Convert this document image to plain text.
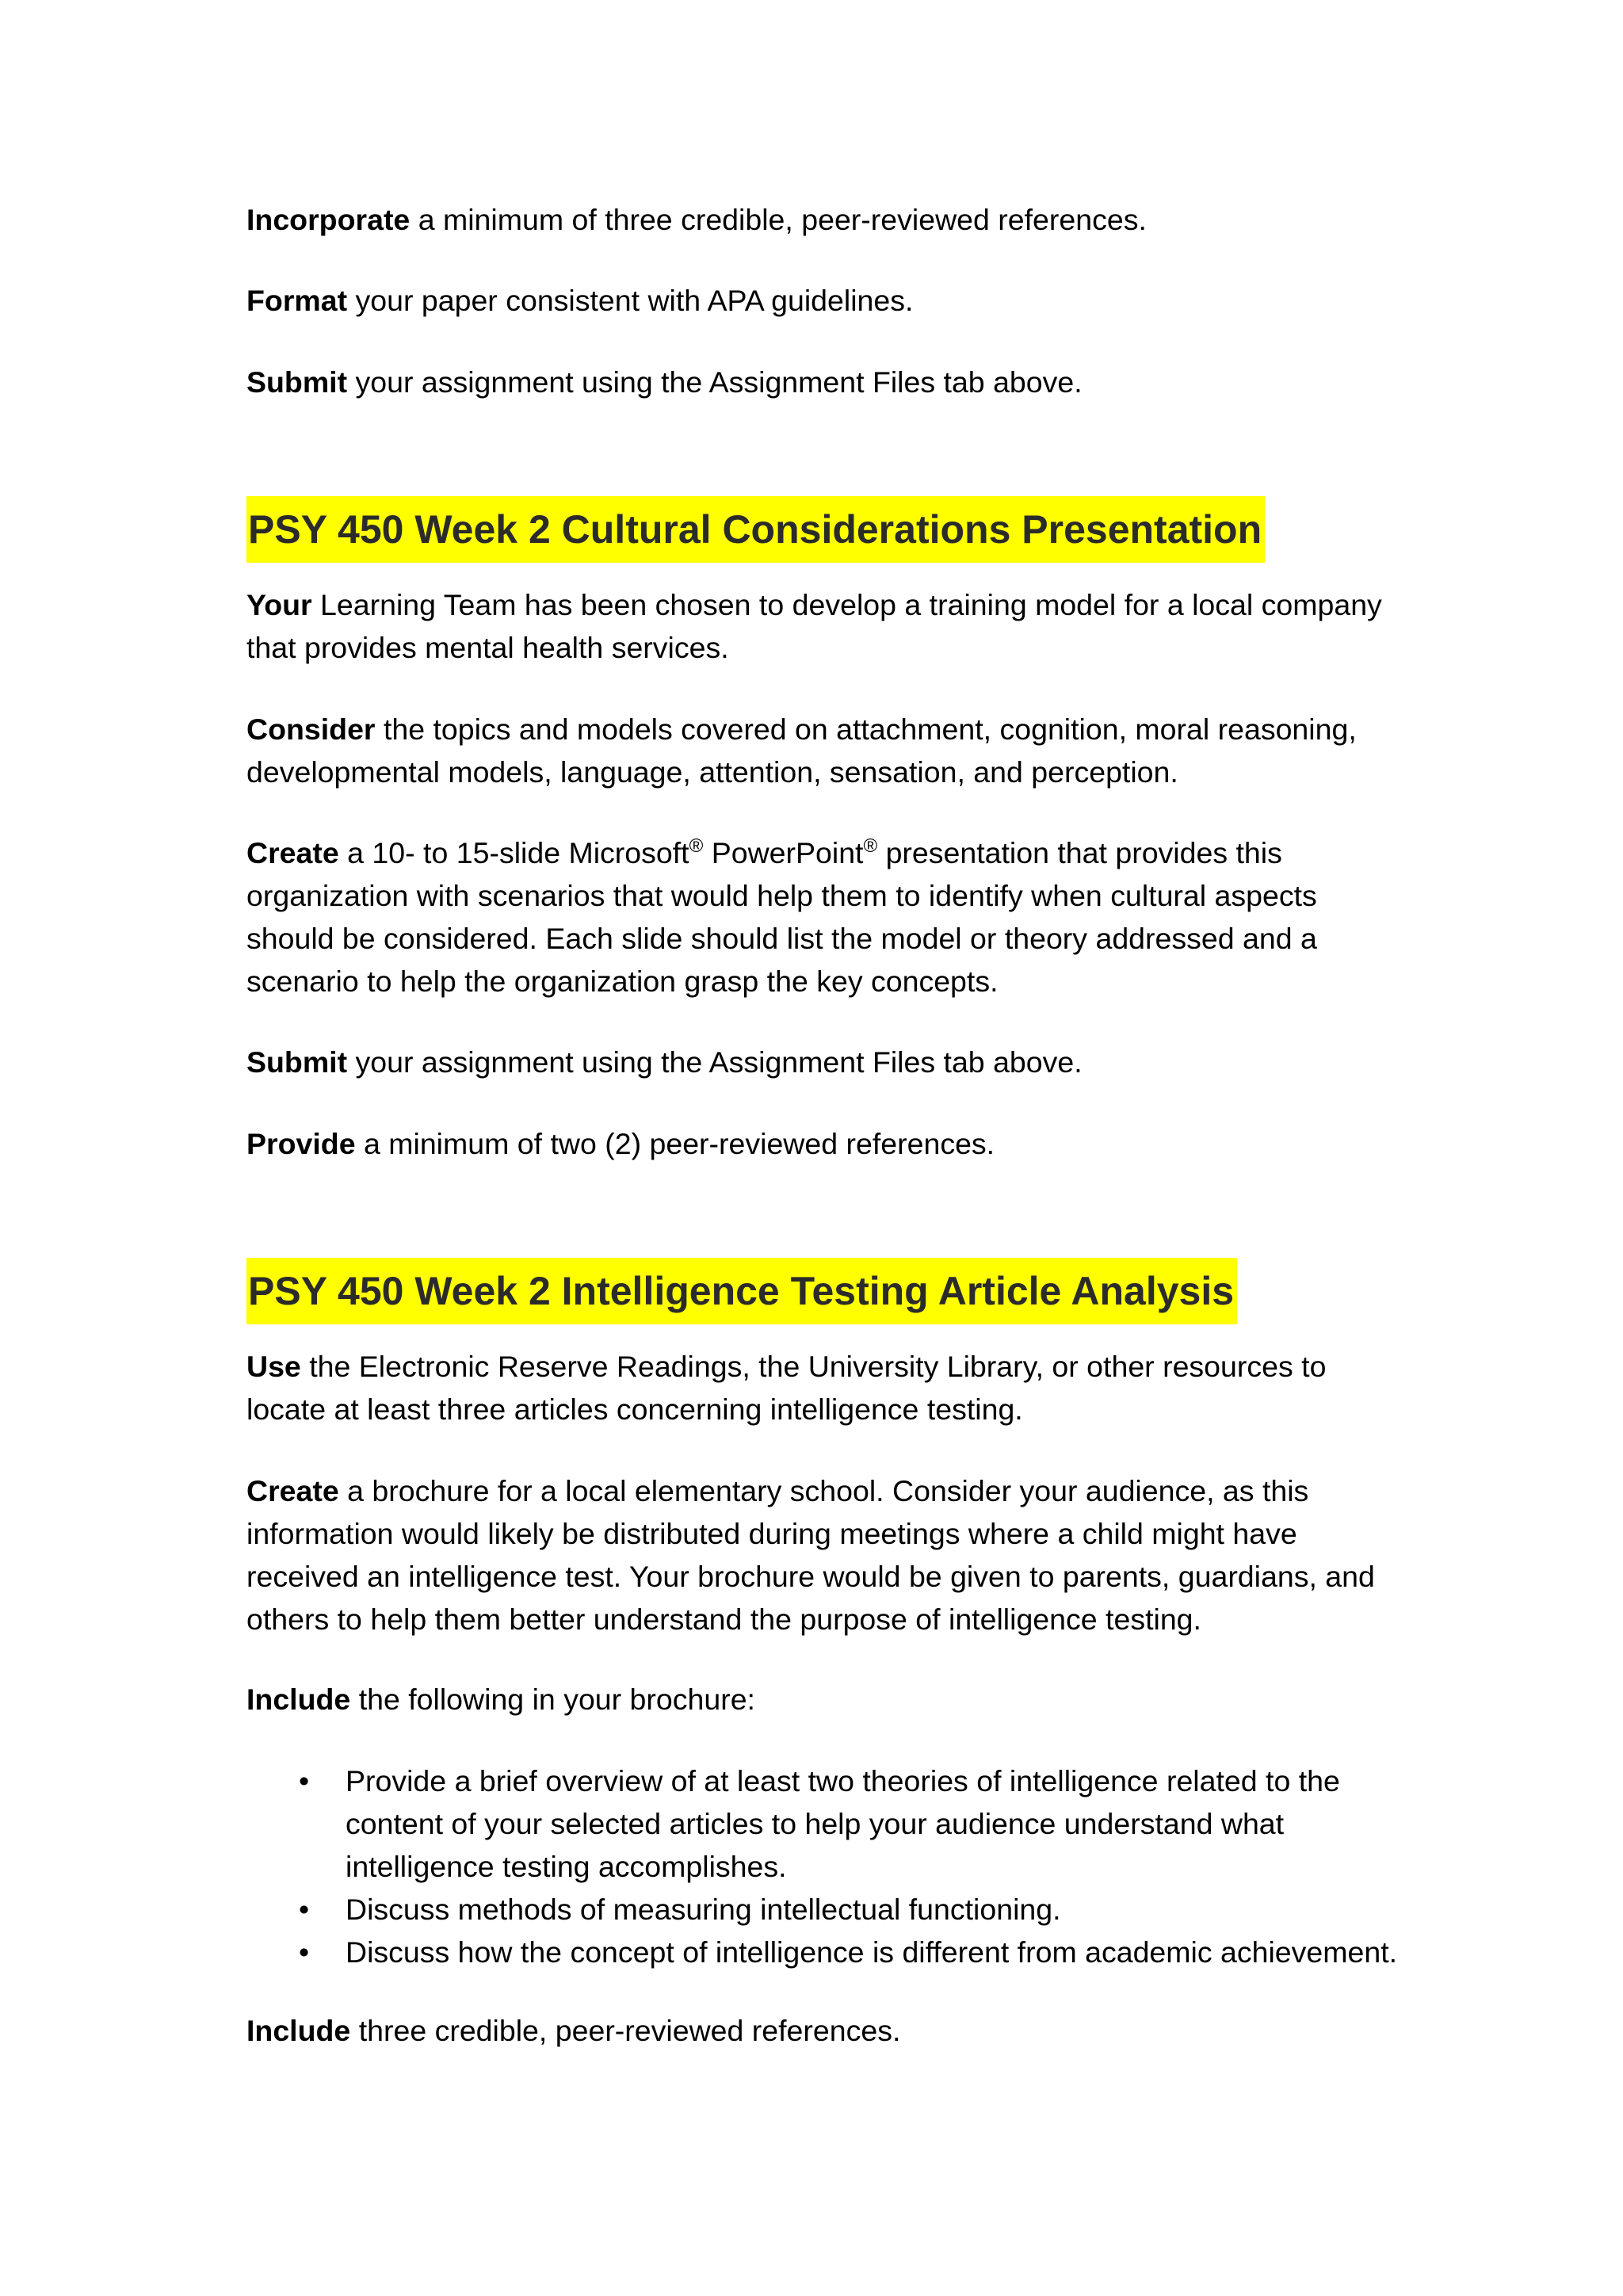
Incorporate a minimum of three credible, peer-reviewed references.

Format your paper consistent with APA guidelines.

Submit your assignment using the Assignment Files tab above.

PSY 450 Week 2 Cultural Considerations Presentation

Your Learning Team has been chosen to develop a training model for a local company that provides mental health services.

Consider the topics and models covered on attachment, cognition, moral reasoning, developmental models, language, attention, sensation, and perception.

Create a 10- to 15-slide Microsoft® PowerPoint® presentation that provides this organization with scenarios that would help them to identify when cultural aspects should be considered. Each slide should list the model or theory addressed and a scenario to help the organization grasp the key concepts.

Submit your assignment using the Assignment Files tab above.

Provide a minimum of two (2) peer-reviewed references.

PSY 450 Week 2 Intelligence Testing Article Analysis

Use the Electronic Reserve Readings, the University Library, or other resources to locate at least three articles concerning intelligence testing.

Create a brochure for a local elementary school. Consider your audience, as this information would likely be distributed during meetings where a child might have received an intelligence test. Your brochure would be given to parents, guardians, and others to help them better understand the purpose of intelligence testing.

Include the following in your brochure:

• Provide a brief overview of at least two theories of intelligence related to the content of your selected articles to help your audience understand what intelligence testing accomplishes.
• Discuss methods of measuring intellectual functioning.
• Discuss how the concept of intelligence is different from academic achievement.

Include three credible, peer-reviewed references.
